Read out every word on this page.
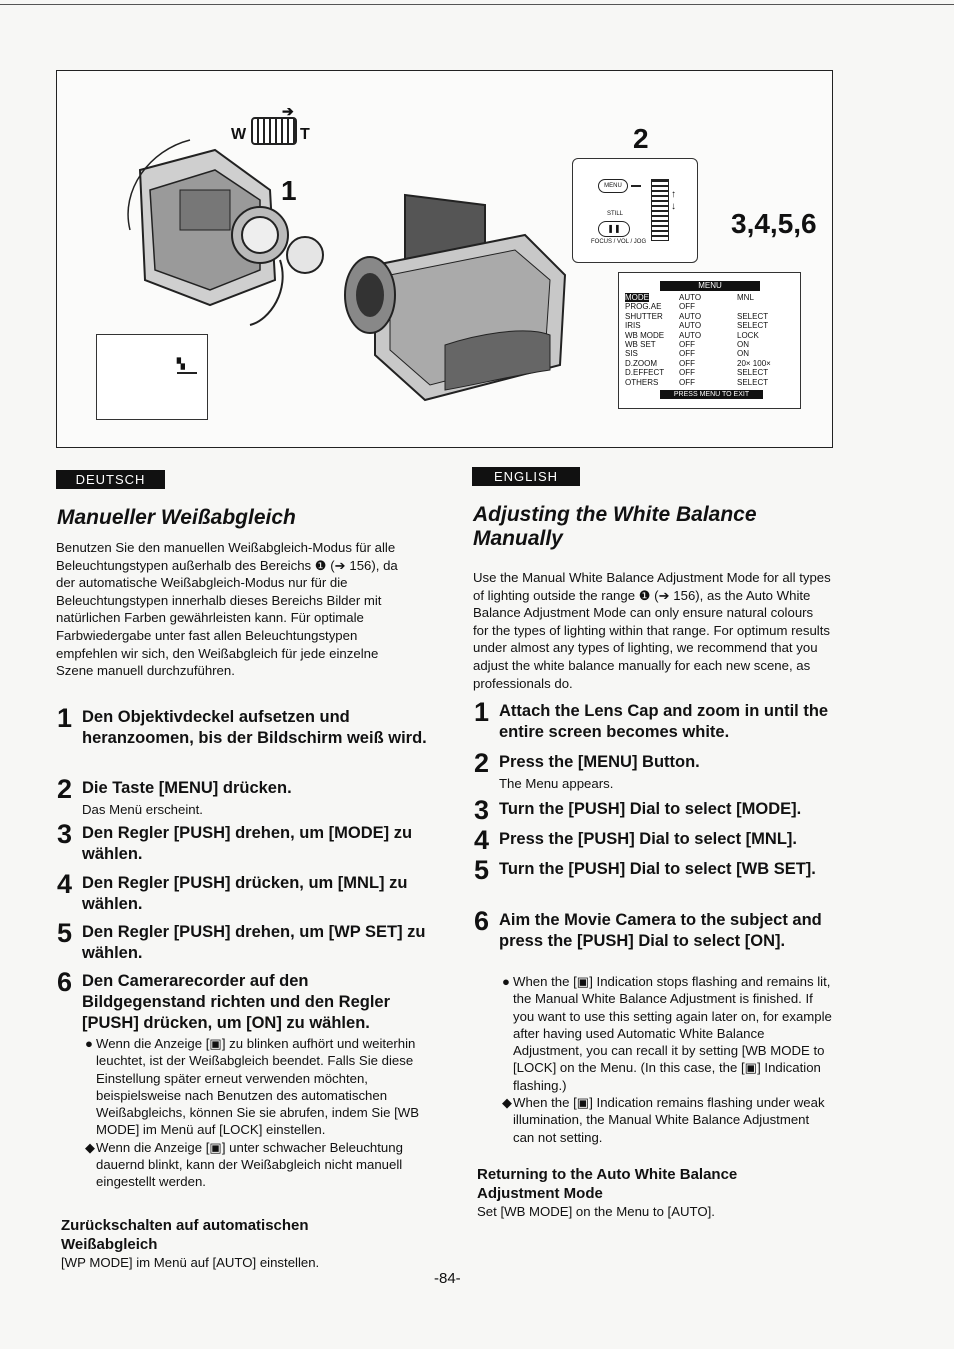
W
➔
T
1
▚
MENU
STILL
❚❚
FOCUS / VOL / JOG
↑
↓
2
3,4,5,6
MENU
MODE	AUTO	MNL
PROG.AE OFF
SHUTTER AUTO	SELECT
IRIS	AUTO	SELECT
WB MODE AUTO	LOCK
WB SET	OFF	ON
SIS	OFF	ON
D.ZOOM	OFF	20× 100×
D.EFFECT OFF	SELECT
OTHERS	OFF	SELECT
PRESS MENU TO EXIT
DEUTSCH
Manueller Weißabgleich
Benutzen Sie den manuellen Weißabgleich-Modus für alle Beleuchtungstypen außerhalb des Bereichs ❶ (➔ 156), da der automatische Weißabgleich-Modus nur für die Beleuchtungstypen innerhalb dieses Bereichs Bilder mit natürlichen Farben gewährleisten kann. Für optimale Farbwiedergabe unter fast allen Beleuchtungstypen empfehlen wir sich, den Weißabgleich für jede einzelne Szene manuell durchzuführen.
1 Den Objektivdeckel aufsetzen und heranzoomen, bis der Bildschirm weiß wird.
2 Die Taste [MENU] drücken.
Das Menü erscheint.
3 Den Regler [PUSH] drehen, um [MODE] zu wählen.
4 Den Regler [PUSH] drücken, um [MNL] zu wählen.
5 Den Regler [PUSH] drehen, um [WP SET] zu wählen.
6 Den Camerarecorder auf den Bildgegenstand richten und den Regler [PUSH] drücken, um [ON] zu wählen.
● Wenn die Anzeige [▣] zu blinken aufhört und weiterhin leuchtet, ist der Weißabgleich beendet. Falls Sie diese Einstellung später erneut verwenden möchten, beispielsweise nach Benutzen des automatischen Weißabgleichs, können Sie sie abrufen, indem Sie [WB MODE] im Menü auf [LOCK] einstellen.
◆ Wenn die Anzeige [▣] unter schwacher Beleuchtung dauernd blinkt, kann der Weißabgleich nicht manuell eingestellt werden.
Zurückschalten auf automatischen Weißabgleich
[WP MODE] im Menü auf [AUTO] einstellen.
ENGLISH
Adjusting the White Balance Manually
Use the Manual White Balance Adjustment Mode for all types of lighting outside the range ❶ (➔ 156), as the Auto White Balance Adjustment Mode can only ensure natural colours for the types of lighting within that range. For optimum results under almost any types of lighting, we recommend that you adjust the white balance manually for each new scene, as professionals do.
1 Attach the Lens Cap and zoom in until the entire screen becomes white.
2 Press the [MENU] Button.
The Menu appears.
3 Turn the [PUSH] Dial to select [MODE].
4 Press the [PUSH] Dial to select [MNL].
5 Turn the [PUSH] Dial to select [WB SET].
6 Aim the Movie Camera to the subject and press the [PUSH] Dial to select [ON].
● When the [▣] Indication stops flashing and remains lit, the Manual White Balance Adjustment is finished. If you want to use this setting again later on, for example after having used Automatic White Balance Adjustment, you can recall it by setting [WB MODE to [LOCK] on the Menu. (In this case, the [▣] Indication flashing.)
◆ When the [▣] Indication remains flashing under weak illumination, the Manual White Balance Adjustment can not setting.
Returning to the Auto White Balance Adjustment Mode
Set [WB MODE] on the Menu to [AUTO].
-84-
